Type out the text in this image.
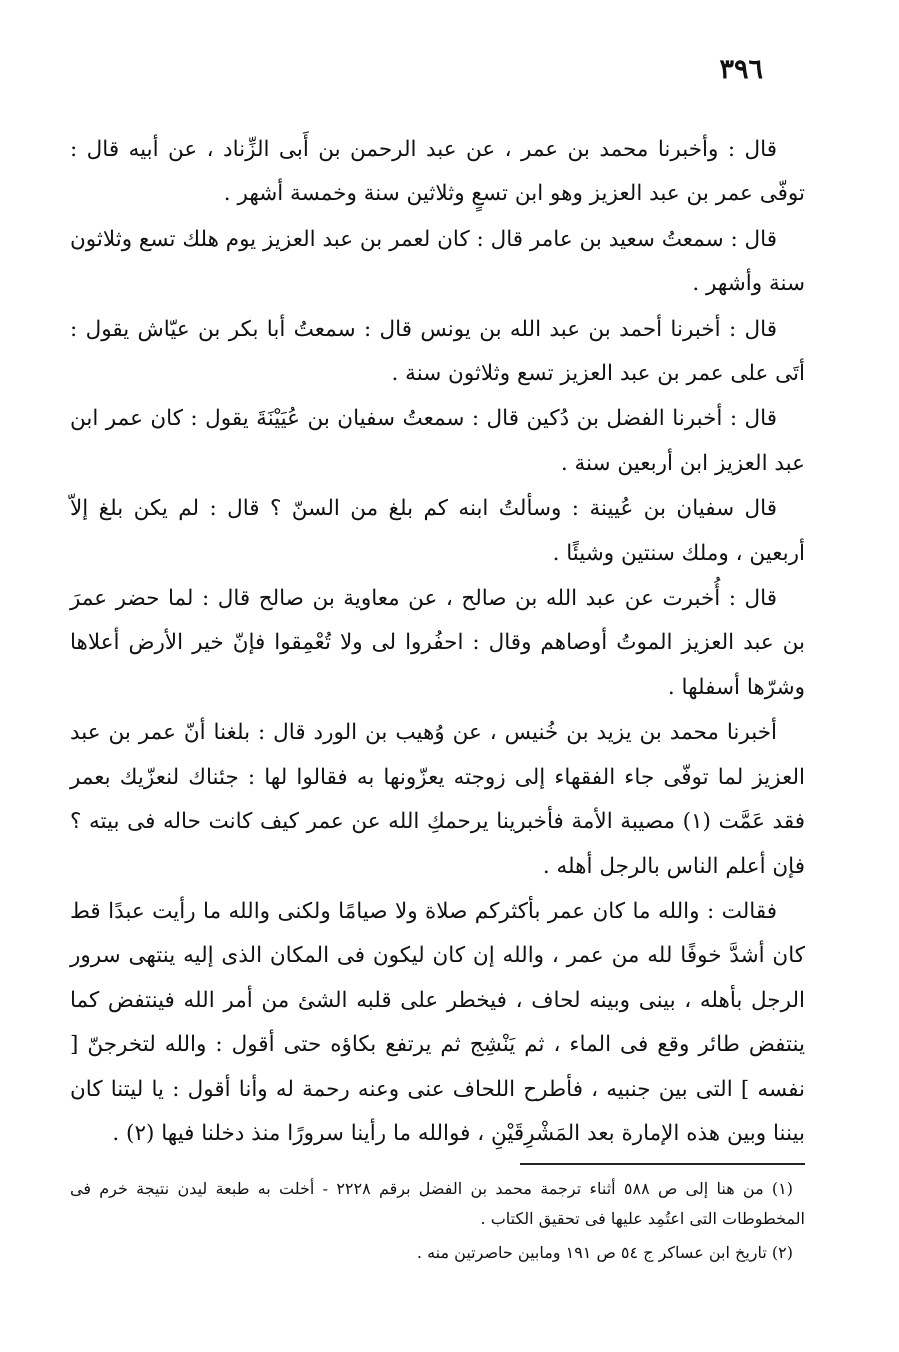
٣٩٦

قال : وأخبرنا محمد بن عمر ، عن عبد الرحمن بن أَبى الزِّناد ، عن أبيه قال : توفّى عمر بن عبد العزيز وهو ابن تسعٍ وثلاثين سنة وخمسة أشهر .

قال : سمعتُ سعيد بن عامر قال : كان لعمر بن عبد العزيز يوم هلك تسع وثلاثون سنة وأشهر .

قال : أخبرنا أحمد بن عبد الله بن يونس قال : سمعتُ أبا بكر بن عيّاش يقول : أتَى على عمر بن عبد العزيز تسع وثلاثون سنة .

قال : أخبرنا الفضل بن دُكين قال : سمعتُ سفيان بن عُيَيْنَةَ يقول : كان عمر ابن عبد العزيز ابن أربعين سنة .

قال سفيان بن عُيينة : وسألتُ ابنه كم بلغ من السنّ ؟ قال : لم يكن بلغ إلاّ أربعين ، وملك سنتين وشيئًا .

قال : أُخبرت عن عبد الله بن صالح ، عن معاوية بن صالح قال : لما حضر عمرَ بن عبد العزيز الموتُ أوصاهم وقال : احفُروا لى ولا تُعْمِقوا فإنّ خير الأرض أعلاها وشرّها أسفلها .

أخبرنا محمد بن يزيد بن خُنيس ، عن وُهيب بن الورد قال : بلغنا أنّ عمر بن عبد العزيز لما توفّى جاء الفقهاء إلى زوجته يعزّونها به فقالوا لها : جئناك لنعزّيك بعمر فقد عَمَّت (١) مصيبة الأمة فأخبرينا يرحمكِ الله عن عمر كيف كانت حاله فى بيته ؟ فإن أعلم الناس بالرجل أهله .

فقالت : والله ما كان عمر بأكثركم صلاة ولا صيامًا ولكنى والله ما رأيت عبدًا قط كان أشدَّ خوفًا لله من عمر ، والله إن كان ليكون فى المكان الذى إليه ينتهى سرور الرجل بأهله ، بينى وبينه لحاف ، فيخطر على قلبه الشئ من أمر الله فينتفض كما ينتفض طائر وقع فى الماء ، ثم يَنْشِج ثم يرتفع بكاؤه حتى أقول : والله لتخرجنّ [ نفسه ] التى بين جنبيه ، فأطرح اللحاف عنى وعنه رحمة له وأنا أقول : يا ليتنا كان بيننا وبين هذه الإمارة بعد المَشْرِقَيْنِ ، فوالله ما رأينا سرورًا منذ دخلنا فيها (٢) .

(١) من هنا إلى ص ٥٨٨ أثناء ترجمة محمد بن الفضل برقم ٢٢٢٨ - أخلت به طبعة ليدن نتيجة خرم فى المخطوطات التى اعتُمِد عليها فى تحقيق الكتاب .

(٢) تاريخ ابن عساكر ج ٥٤ ص ١٩١ ومابين حاصرتين منه .
